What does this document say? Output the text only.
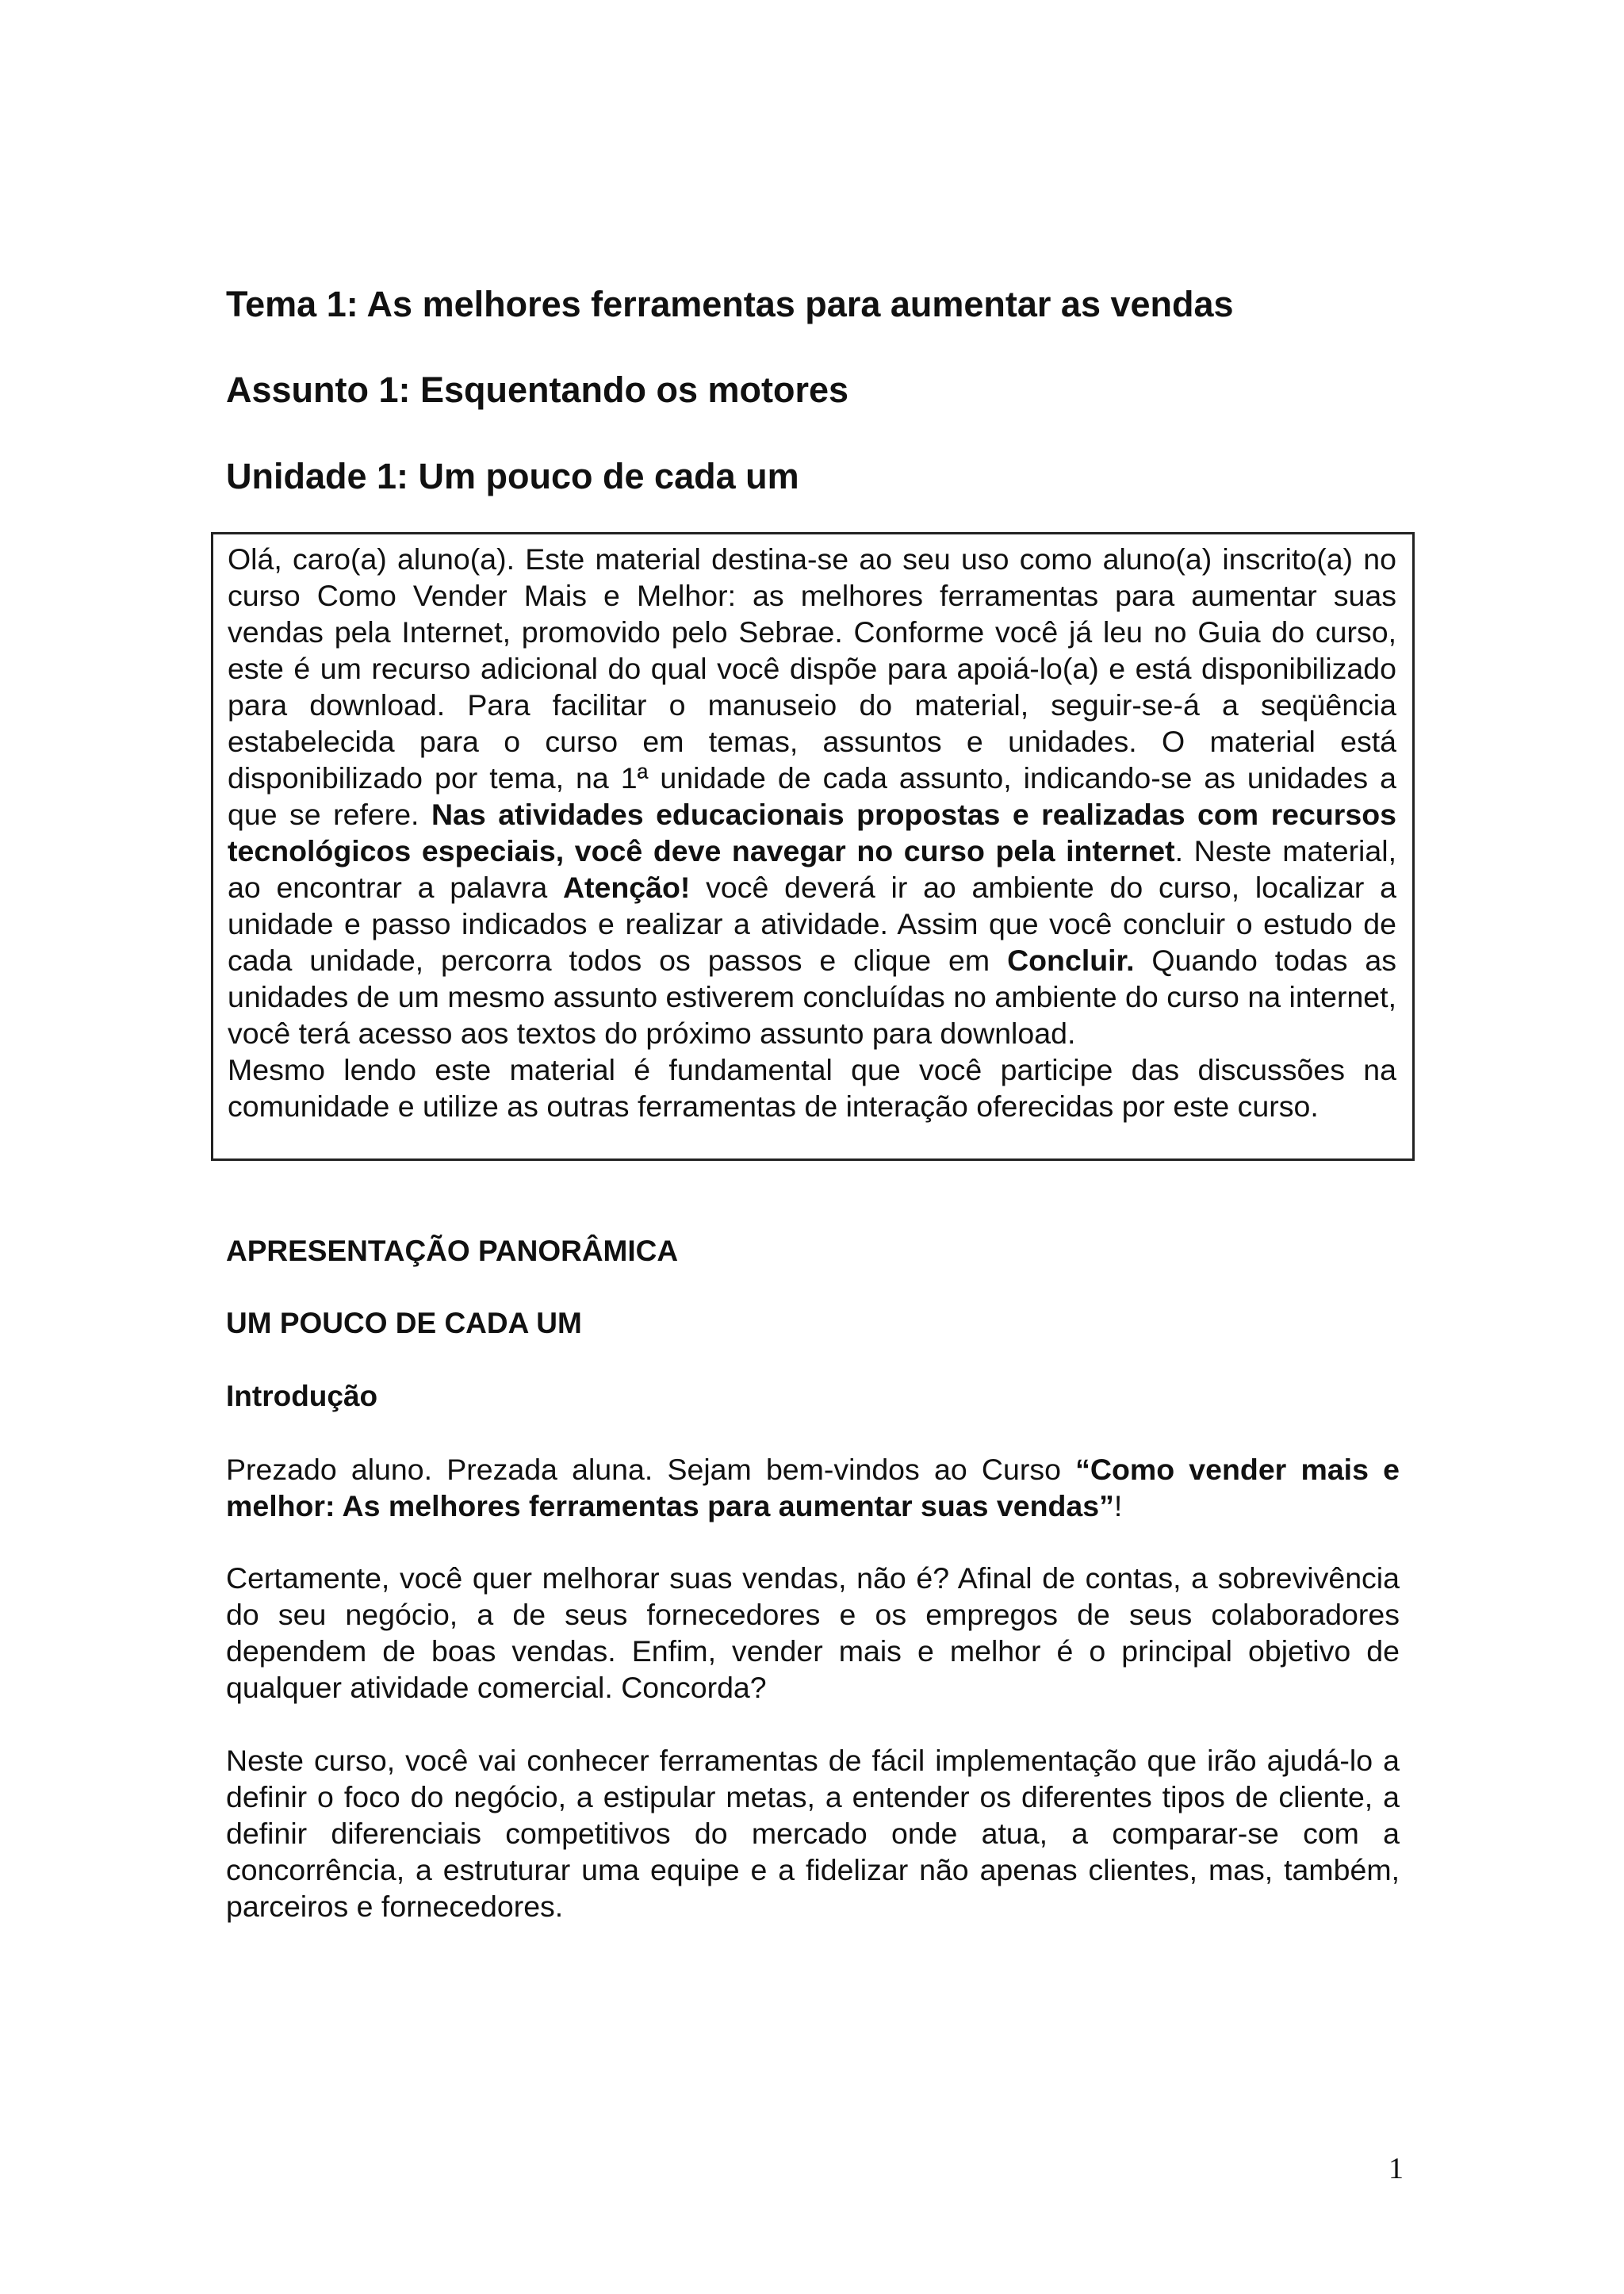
Tema 1: As melhores ferramentas para aumentar as vendas
Assunto 1: Esquentando os motores
Unidade 1: Um pouco de cada um

Olá, caro(a) aluno(a). Este material destina-se ao seu uso como aluno(a) inscrito(a) no curso Como Vender Mais e Melhor: as melhores ferramentas para aumentar suas vendas pela Internet, promovido pelo Sebrae. Conforme você já leu no Guia do curso, este é um recurso adicional do qual você dispõe para apoiá-lo(a) e está disponibilizado para download. Para facilitar o manuseio do material, seguir-se-á a seqüência estabelecida para o curso em temas, assuntos e unidades. O material está disponibilizado por tema, na 1ª unidade de cada assunto, indicando-se as unidades a que se refere. Nas atividades educacionais propostas e realizadas com recursos tecnológicos especiais, você deve navegar no curso pela internet. Neste material, ao encontrar a palavra Atenção! você deverá ir ao ambiente do curso, localizar a unidade e passo indicados e realizar a atividade. Assim que você concluir o estudo de cada unidade, percorra todos os passos e clique em Concluir. Quando todas as unidades de um mesmo assunto estiverem concluídas no ambiente do curso na internet, você terá acesso aos textos do próximo assunto para download.

Mesmo lendo este material é fundamental que você participe das discussões na comunidade e utilize as outras ferramentas de interação oferecidas por este curso.

APRESENTAÇÃO PANORÂMICA
UM POUCO DE CADA UM
Introdução

Prezado aluno. Prezada aluna. Sejam bem-vindos ao Curso “Como vender mais e melhor: As melhores ferramentas para aumentar suas vendas”!

Certamente, você quer melhorar suas vendas, não é? Afinal de contas, a sobrevivência do seu negócio, a de seus fornecedores e os empregos de seus colaboradores dependem de boas vendas. Enfim, vender mais e melhor é o principal objetivo de qualquer atividade comercial. Concorda?

Neste curso, você vai conhecer ferramentas de fácil implementação que irão ajudá-lo a definir o foco do negócio, a estipular metas, a entender os diferentes tipos de cliente, a definir diferenciais competitivos do mercado onde atua, a comparar-se com a concorrência, a estruturar uma equipe e a fidelizar não apenas clientes, mas, também, parceiros e fornecedores.

1
